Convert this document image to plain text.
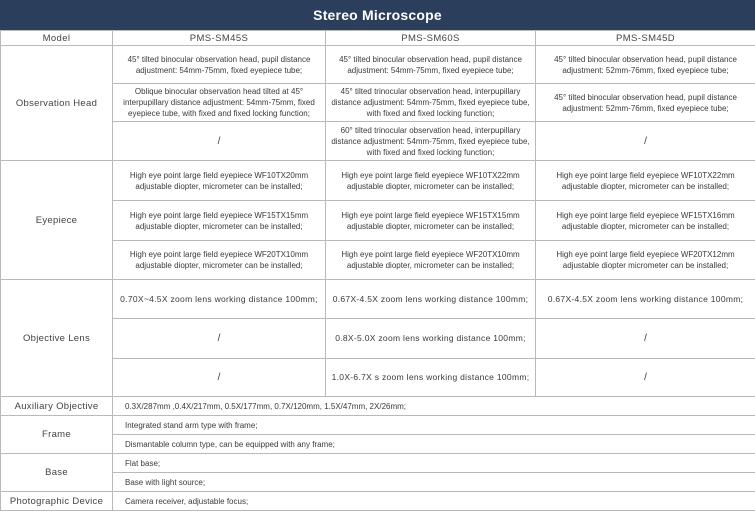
Stereo Microscope
Model	PMS-SM45S	PMS-SM60S	PMS-SM45D
Observation Head	45° tilted binocular observation head, pupil distance adjustment: 54mm-75mm, fixed eyepiece tube;	45° tilted binocular observation head, pupil distance adjustment: 54mm-75mm, fixed eyepiece tube;	45° tilted binocular observation head, pupil distance adjustment: 52mm-76mm, fixed eyepiece tube;
	Oblique binocular observation head tilted at 45° interpupillary distance adjustment: 54mm-75mm, fixed eyepiece tube, with fixed and fixed locking function;	45° tilted trinocular observation head, interpupillary distance adjustment: 54mm-75mm, fixed eyepiece tube, with fixed and fixed locking function;	45° tilted binocular observation head, pupil distance adjustment: 52mm-76mm, fixed eyepiece tube;
	/	60° tilted trinocular observation head, interpupillary distance adjustment: 54mm-75mm, fixed eyepiece tube, with fixed and fixed locking function;	/
Eyepiece	High eye point large field eyepiece WF10TX20mm adjustable diopter, micrometer can be installed;	High eye point large field eyepiece WF10TX22mm adjustable diopter, micrometer can be installed;	High eye point large field eyepiece WF10TX22mm adjustable diopter, micrometer can be installed;
	High eye point large field eyepiece WF15TX15mm adjustable diopter, micrometer can be installed;	High eye point large field eyepiece WF15TX15mm adjustable diopter, micrometer can be installed;	High eye point large field eyepiece WF15TX16mm adjustable diopter, micrometer can be installed;
	High eye point large field eyepiece WF20TX10mm adjustable diopter, micrometer can be installed;	High eye point large field eyepiece WF20TX10mm adjustable diopter, micrometer can be installed;	High eye point large field eyepiece WF20TX12mm adjustable diopter micrometer can be installed;
Objective Lens	0.70X~4.5X zoom lens working distance 100mm;	0.67X-4.5X zoom lens working distance 100mm;	0.67X-4.5X zoom lens working distance 100mm;
	/	0.8X-5.0X zoom lens working distance 100mm;	/
	/	1.0X-6.7X s zoom lens working distance 100mm;	/
Auxiliary Objective	0.3X/287mm ,0.4X/217mm, 0.5X/177mm, 0.7X/120mm, 1.5X/47mm, 2X/26mm;		
Frame	Integrated stand arm type with frame;		
	Dismantable column type, can be equipped with any frame;		
Base	Flat base;		
	Base with light source;		
Photographic Device	Camera receiver, adjustable focus;		
